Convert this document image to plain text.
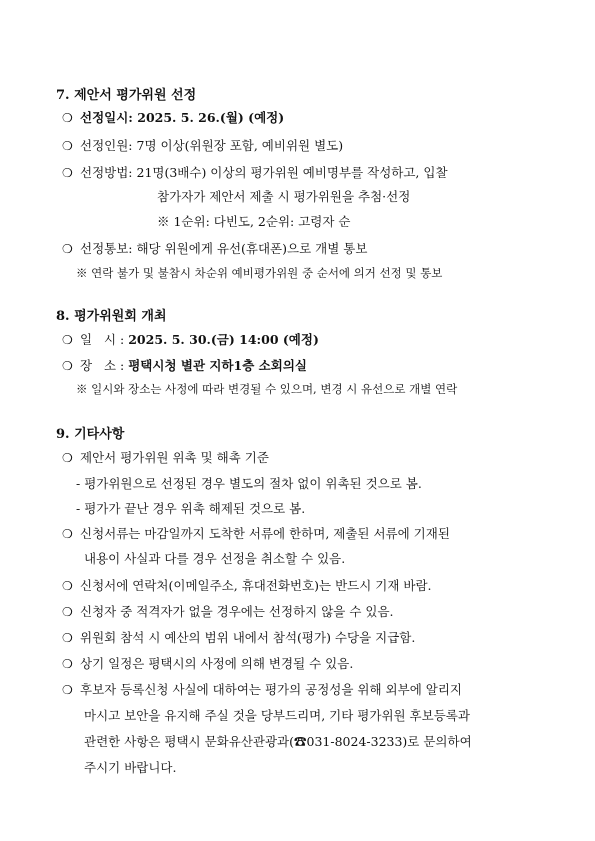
7. 제안서 평가위원 선정
❍ 선정일시: 2025. 5. 26.(월) (예정)
❍ 선정인원: 7명 이상(위원장 포함, 예비위원 별도)
❍ 선정방법: 21명(3배수) 이상의 평가위원 예비명부를 작성하고, 입찰
참가자가 제안서 제출 시 평가위원을 추첨·선정
※ 1순위: 다빈도, 2순위: 고령자 순
❍ 선정통보: 해당 위원에게 유선(휴대폰)으로 개별 통보
※ 연락 불가 및 불참시 차순위 예비평가위원 중 순서에 의거 선정 및 통보
8. 평가위원회 개최
❍ 일   시 : 2025. 5. 30.(금) 14:00 (예정)
❍ 장   소 : 평택시청 별관 지하1층 소회의실
※ 일시와 장소는 사정에 따라 변경될 수 있으며, 변경 시 유선으로 개별 연락
9. 기타사항
❍ 제안서 평가위원 위촉 및 해촉 기준
- 평가위원으로 선정된 경우 별도의 절차 없이 위촉된 것으로 봄.
- 평가가 끝난 경우 위촉 해제된 것으로 봄.
❍ 신청서류는 마감일까지 도착한 서류에 한하며, 제출된 서류에 기재된
내용이 사실과 다를 경우 선정을 취소할 수 있음.
❍ 신청서에 연락처(이메일주소, 휴대전화번호)는 반드시 기재 바람.
❍ 신청자 중 적격자가 없을 경우에는 선정하지 않을 수 있음.
❍ 위원회 참석 시 예산의 범위 내에서 참석(평가) 수당을 지급함.
❍ 상기 일정은 평택시의 사정에 의해 변경될 수 있음.
❍ 후보자 등록신청 사실에 대하여는 평가의 공정성을 위해 외부에 알리지
마시고 보안을 유지해 주실 것을 당부드리며, 기타 평가위원 후보등록과
관련한 사항은 평택시 문화유산관광과(☎031-8024-3233)로 문의하여
주시기 바랍니다.
